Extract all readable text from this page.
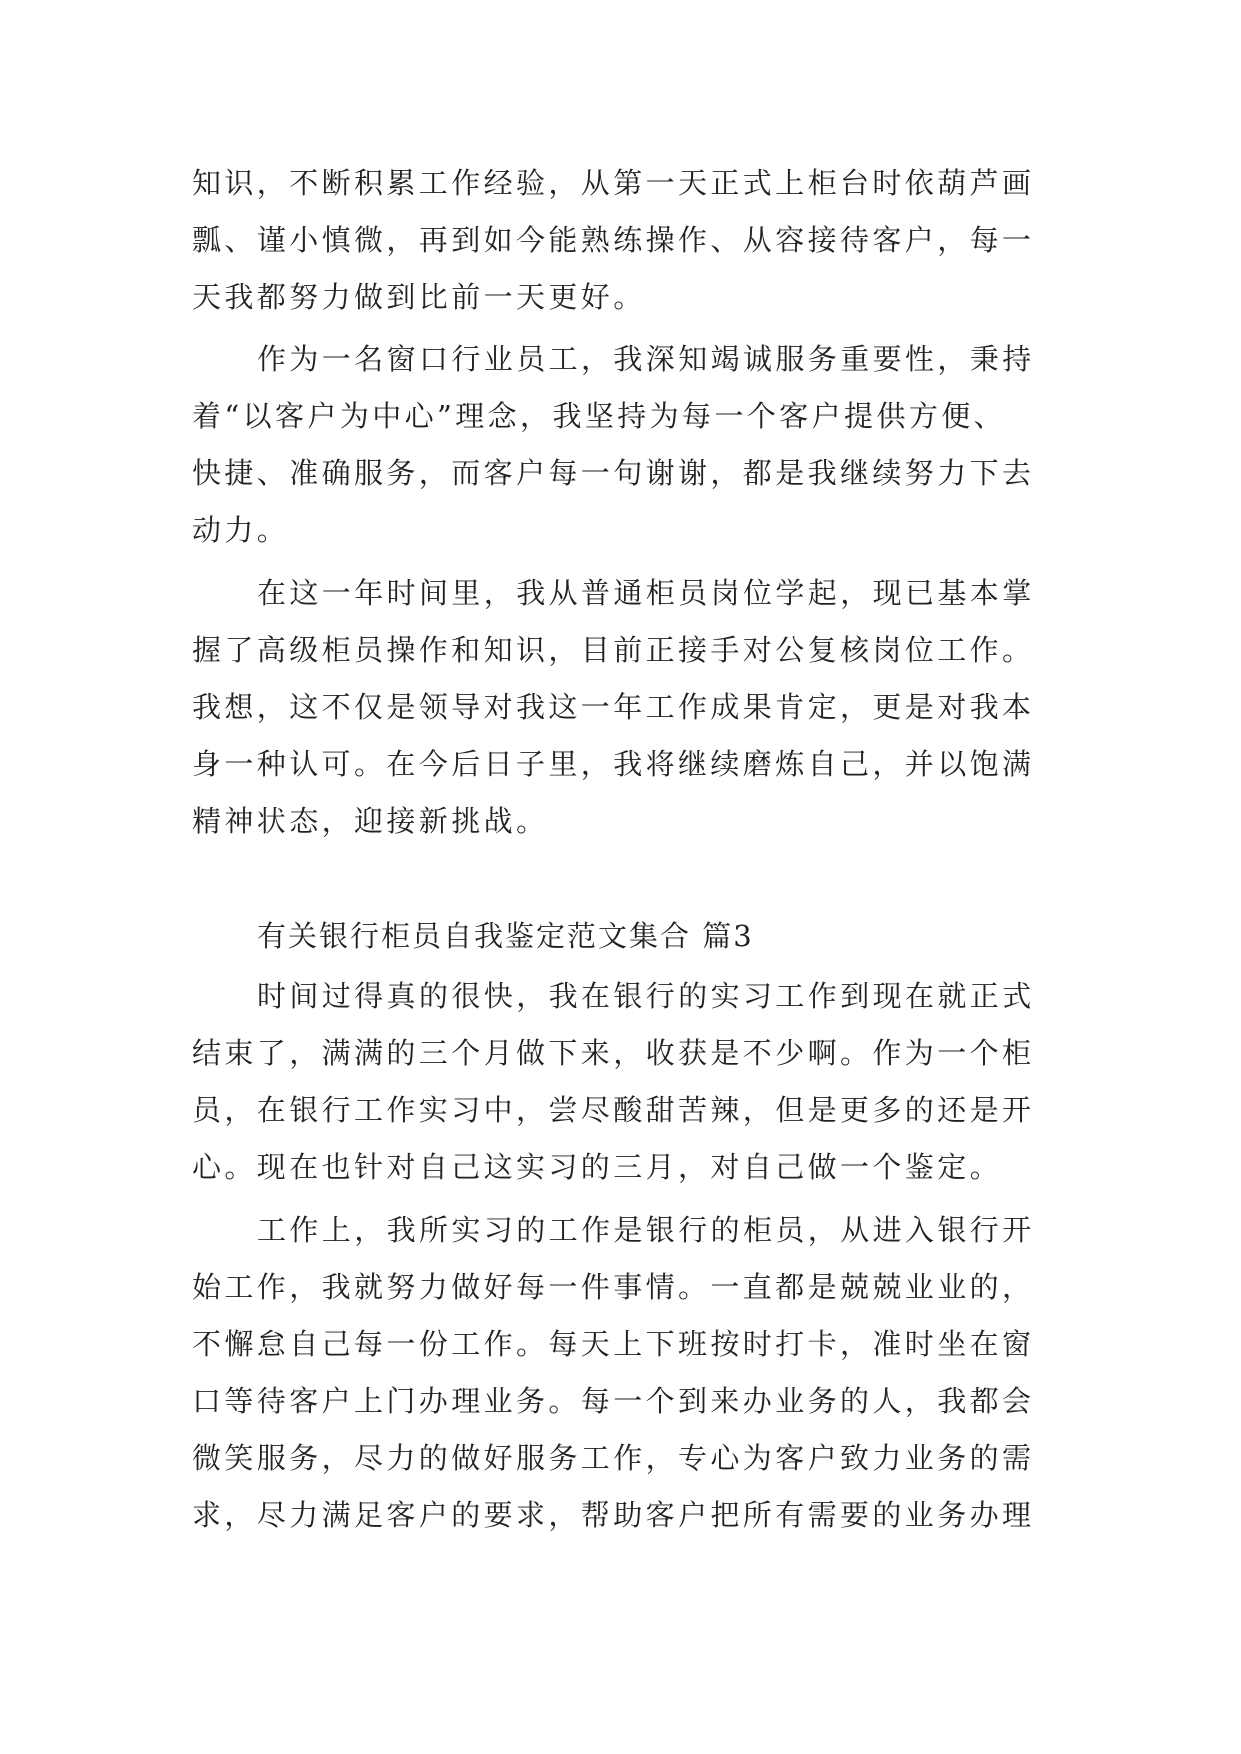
知识，不断积累工作经验，从第一天正式上柜台时依葫芦画
瓢、谨小慎微，再到如今能熟练操作、从容接待客户，每一
天我都努力做到比前一天更好。
作为一名窗口行业员工，我深知竭诚服务重要性，秉持
着“以客户为中心”理念，我坚持为每一个客户提供方便、
快捷、准确服务，而客户每一句谢谢，都是我继续努力下去
动力。
在这一年时间里，我从普通柜员岗位学起，现已基本掌
握了高级柜员操作和知识，目前正接手对公复核岗位工作。
我想，这不仅是领导对我这一年工作成果肯定，更是对我本
身一种认可。在今后日子里，我将继续磨炼自己，并以饱满
精神状态，迎接新挑战。
有关银行柜员自我鉴定范文集合 篇3
时间过得真的很快，我在银行的实习工作到现在就正式
结束了，满满的三个月做下来，收获是不少啊。作为一个柜
员，在银行工作实习中，尝尽酸甜苦辣，但是更多的还是开
心。现在也针对自己这实习的三月，对自己做一个鉴定。
工作上，我所实习的工作是银行的柜员，从进入银行开
始工作，我就努力做好每一件事情。一直都是兢兢业业的，
不懈怠自己每一份工作。每天上下班按时打卡，准时坐在窗
口等待客户上门办理业务。每一个到来办业务的人，我都会
微笑服务，尽力的做好服务工作，专心为客户致力业务的需
求，尽力满足客户的要求，帮助客户把所有需要的业务办理
